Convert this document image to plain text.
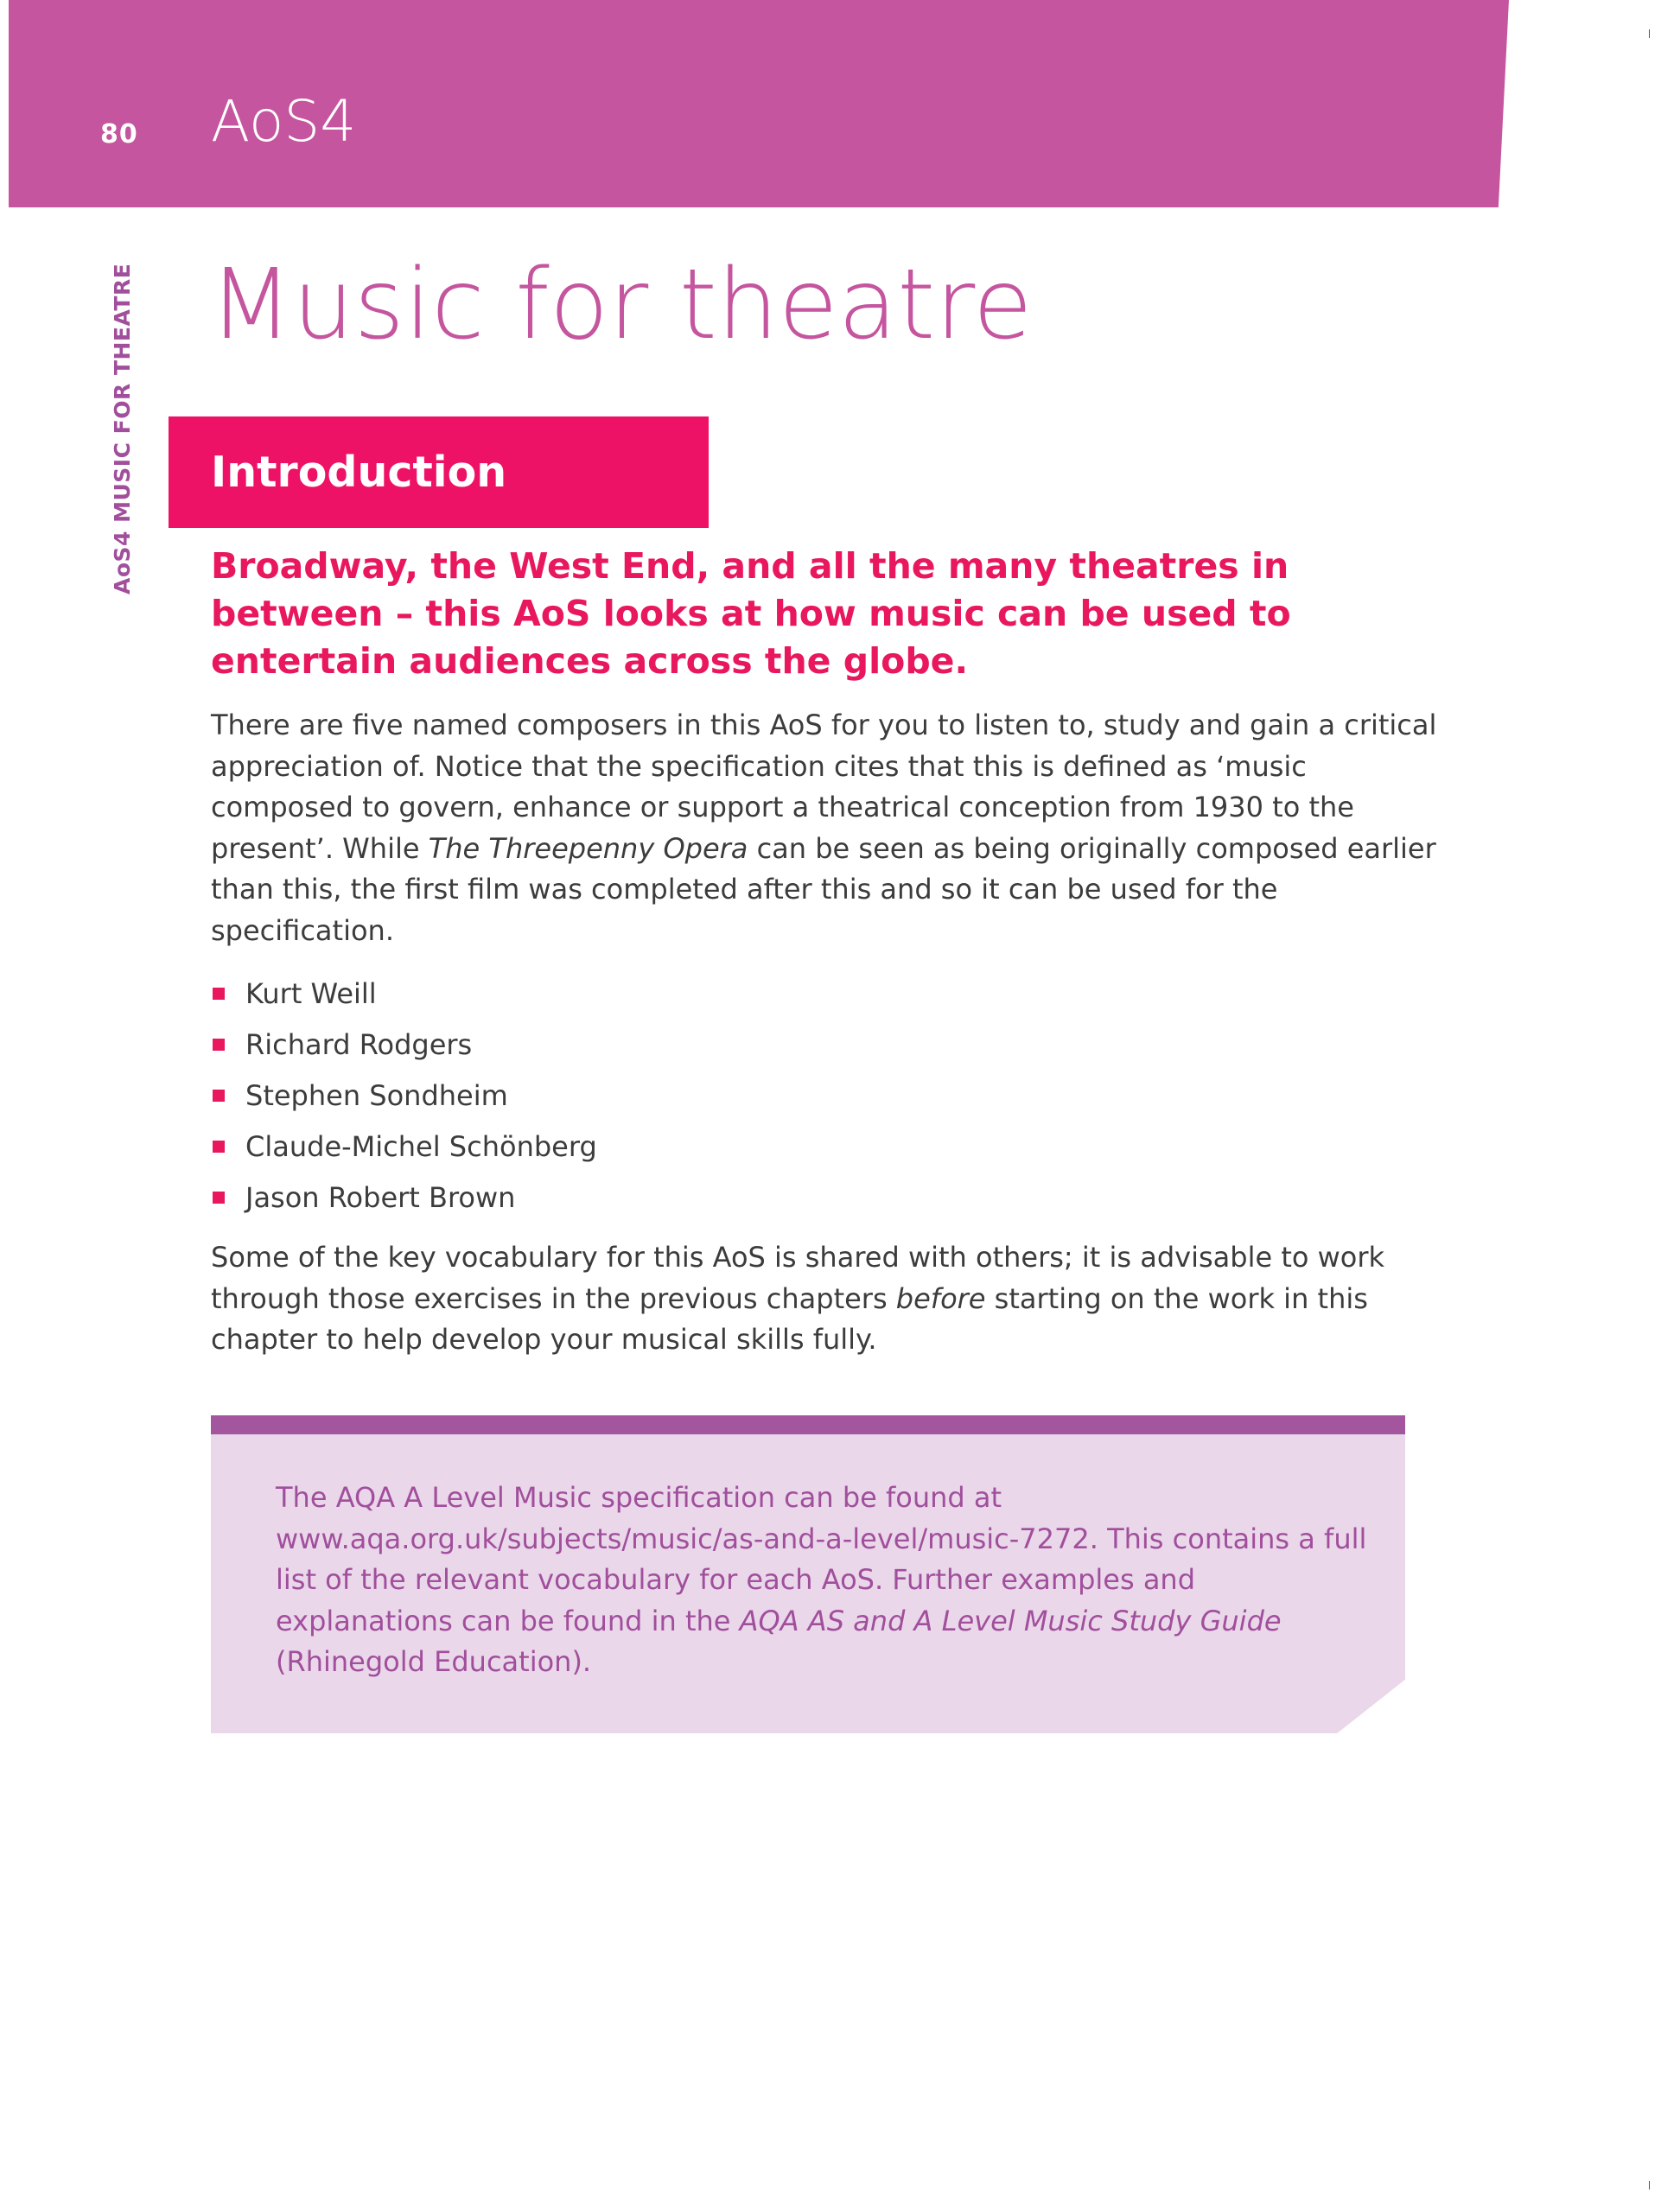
80 AoS4
AoS4 MUSIC FOR THEATRE Music for theatre
Introduction

Broadway, the West End, and all the many theatres in between – this AoS looks at how music can be used to entertain audiences across the globe.

There are five named composers in this AoS for you to listen to, study and gain a critical appreciation of. Notice that the specification cites that this is defined as ‘music composed to govern, enhance or support a theatrical conception from 1930 to the present’. While The Threepenny Opera can be seen as being originally composed earlier than this, the first film was completed after this and so it can be used for the specification.

Kurt Weill
Richard Rodgers
Stephen Sondheim
Claude-Michel Schönberg
Jason Robert Brown

Some of the key vocabulary for this AoS is shared with others; it is advisable to work through those exercises in the previous chapters before starting on the work in this chapter to help develop your musical skills fully.

The AQA A Level Music specification can be found at www.aqa.org.uk/subjects/music/as-and-a-level/music-7272. This contains a full list of the relevant vocabulary for each AoS. Further examples and explanations can be found in the AQA AS and A Level Music Study Guide (Rhinegold Education).
